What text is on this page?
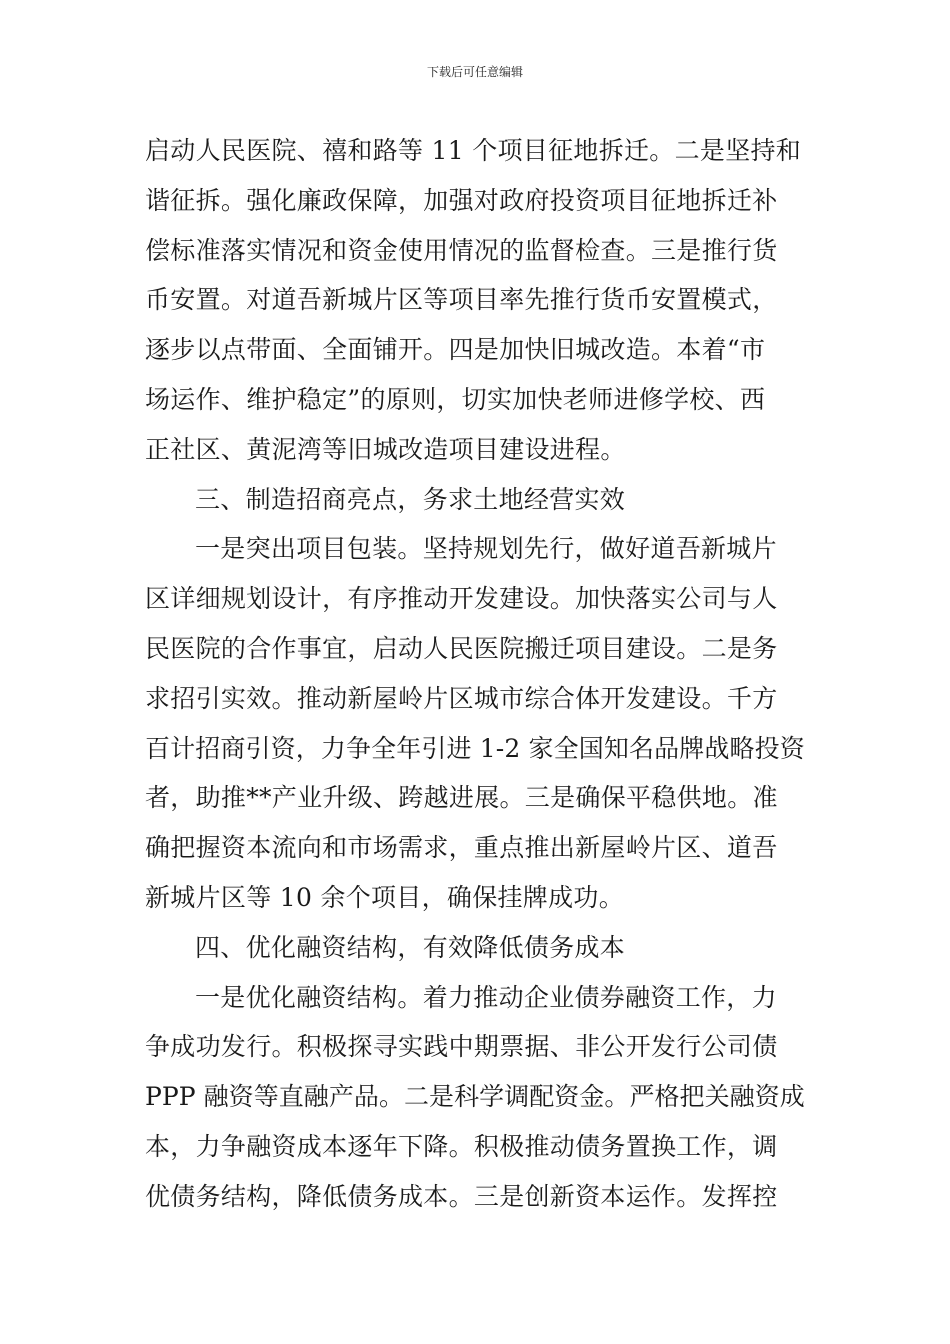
下载后可任意编辑
启动人民医院、禧和路等 11 个项目征地拆迁。二是坚持和
谐征拆。强化廉政保障，加强对政府投资项目征地拆迁补
偿标准落实情况和资金使用情况的监督检查。三是推行货
币安置。对道吾新城片区等项目率先推行货币安置模式，
逐步以点带面、全面铺开。四是加快旧城改造。本着“市
场运作、维护稳定”的原则，切实加快老师进修学校、西
正社区、黄泥湾等旧城改造项目建设进程。
三、制造招商亮点，务求土地经营实效
一是突出项目包装。坚持规划先行，做好道吾新城片
区详细规划设计，有序推动开发建设。加快落实公司与人
民医院的合作事宜，启动人民医院搬迁项目建设。二是务
求招引实效。推动新屋岭片区城市综合体开发建设。千方
百计招商引资，力争全年引进 1-2 家全国知名品牌战略投资
者，助推**产业升级、跨越进展。三是确保平稳供地。准
确把握资本流向和市场需求，重点推出新屋岭片区、道吾
新城片区等 10 余个项目，确保挂牌成功。
四、优化融资结构，有效降低债务成本
一是优化融资结构。着力推动企业债券融资工作，力
争成功发行。积极探寻实践中期票据、非公开发行公司债
PPP 融资等直融产品。二是科学调配资金。严格把关融资成
本，力争融资成本逐年下降。积极推动债务置换工作，调
优债务结构，降低债务成本。三是创新资本运作。发挥控
